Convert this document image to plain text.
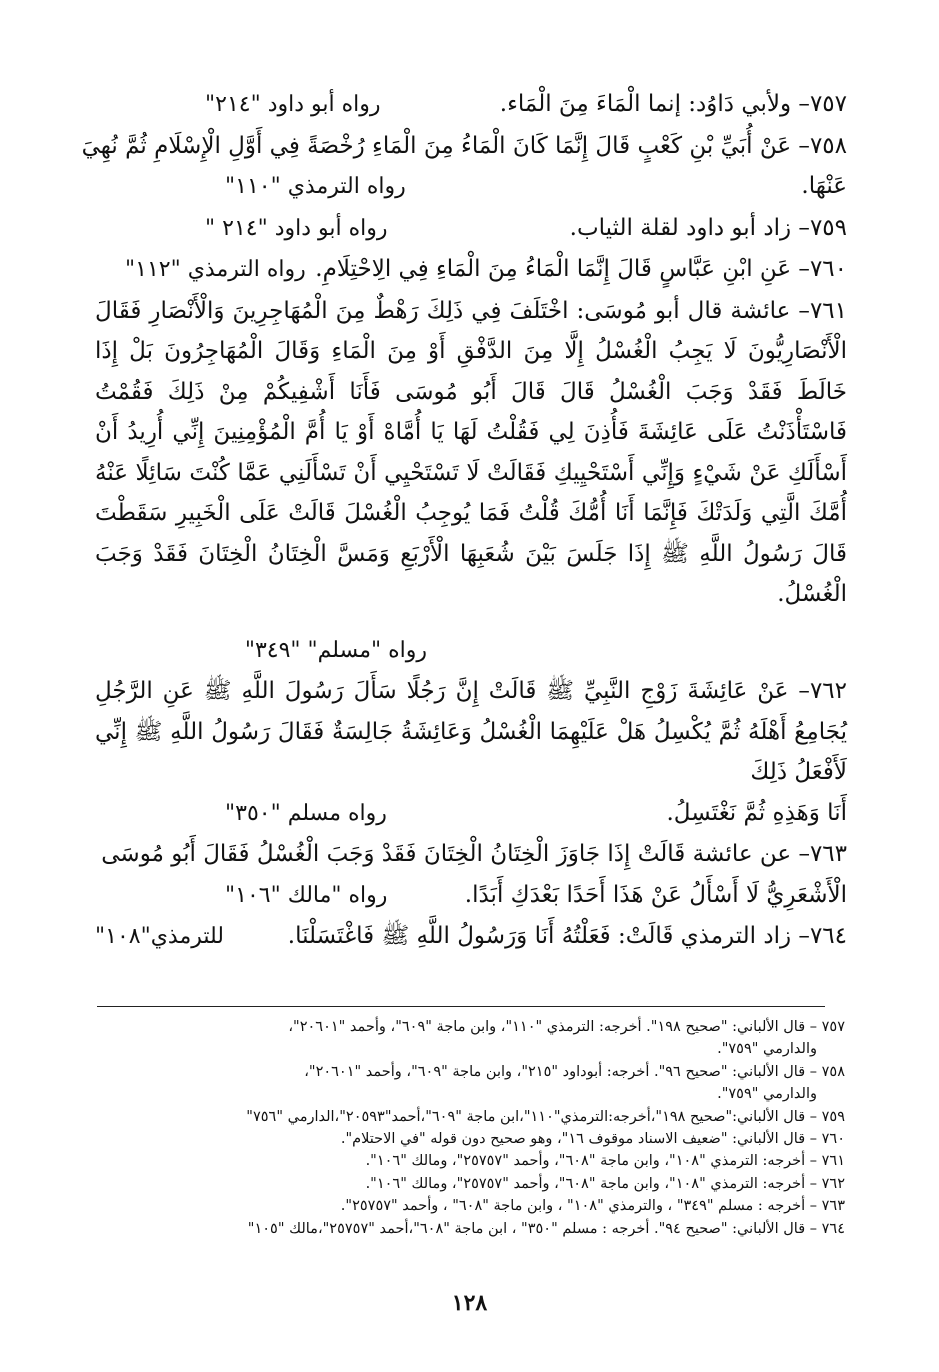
٧٥٧– ولأبي دَاوُد: إنما الْمَاءَ مِنَ الْمَاء.
رواه أبو داود "٢١٤"
٧٥٨– عَنْ أُبَيِّ بْنِ كَعْبٍ قَالَ إِنَّمَا كَانَ الْمَاءُ مِنَ الْمَاءِ رُخْصَةً فِي أَوَّلِ الْإِسْلَامِ ثُمَّ نُهِيَ
عَنْهَا.
رواه الترمذي "١١٠"
٧٥٩– زاد أبو داود لقلة الثياب.
رواه أبو داود "٢١٤ "
٧٦٠– عَنِ ابْنِ عَبَّاسٍ قَالَ إِنَّمَا الْمَاءُ مِنَ الْمَاءِ فِي الِاحْتِلَامِ.
رواه الترمذي "١١٢"

٧٦١– عائشة قال أبو مُوسَى: اخْتَلَفَ فِي ذَلِكَ رَهْطٌ مِنَ الْمُهَاجِرِينَ وَالْأَنْصَارِ فَقَالَ الْأَنْصَارِيُّونَ لَا يَجِبُ الْغُسْلُ إِلَّا مِنَ الدَّفْقِ أَوْ مِنَ الْمَاءِ وَقَالَ الْمُهَاجِرُونَ بَلْ إِذَا خَالَطَ فَقَدْ وَجَبَ الْغُسْلُ قَالَ قَالَ أَبُو مُوسَى فَأَنَا أَشْفِيكُمْ مِنْ ذَلِكَ فَقُمْتُ فَاسْتَأْذَنْتُ عَلَى عَائِشَةَ فَأُذِنَ لِي فَقُلْتُ لَهَا يَا أُمَّاهْ أَوْ يَا أُمَّ الْمُؤْمِنِينَ إِنِّي أُرِيدُ أَنْ أَسْأَلَكِ عَنْ شَيْءٍ وَإِنِّي أَسْتَحْيِيكِ فَقَالَتْ لَا تَسْتَحْيِي أَنْ تَسْأَلَنِي عَمَّا كُنْتَ سَائِلًا عَنْهُ أُمَّكَ الَّتِي وَلَدَتْكَ فَإِنَّمَا أَنَا أُمُّكَ قُلْتُ فَمَا يُوجِبُ الْغُسْلَ قَالَتْ عَلَى الْخَبِيرِ سَقَطْتَ قَالَ رَسُولُ اللَّهِ ﷺ إِذَا جَلَسَ بَيْنَ شُعَبِهَا الْأَرْبَعِ وَمَسَّ الْخِتَانُ الْخِتَانَ فَقَدْ وَجَبَ الْغُسْلُ.

رواه "مسلم" "٣٤٩"

٧٦٢– عَنْ عَائِشَةَ زَوْجِ النَّبِيِّ ﷺ قَالَتْ إِنَّ رَجُلًا سَأَلَ رَسُولَ اللَّهِ ﷺ عَنِ الرَّجُلِ يُجَامِعُ أَهْلَهُ ثُمَّ يُكْسِلُ هَلْ عَلَيْهِمَا الْغُسْلُ وَعَائِشَةُ جَالِسَةٌ فَقَالَ رَسُولُ اللَّهِ ﷺ إِنِّي لَأَفْعَلُ ذَلِكَ

أَنَا وَهَذِهِ ثُمَّ نَغْتَسِلُ.
رواه مسلم "٣٥٠"
٧٦٣– عن عائشة قَالَتْ إِذَا جَاوَزَ الْخِتَانُ الْخِتَانَ فَقَدْ وَجَبَ الْغُسْلُ فَقَالَ أَبُو مُوسَى
الْأَشْعَرِيُّ لَا أَسْأَلُ عَنْ هَذَا أَحَدًا بَعْدَكِ أَبَدًا.
رواه "مالك "١٠٦"
٧٦٤– زاد الترمذي قَالَتْ: فَعَلْتُهُ أَنَا وَرَسُولُ اللَّهِ ﷺ فَاغْتَسَلْنَا.
للترمذي"١٠٨"

٧٥٧ – قال الألباني: "صحيح ١٩٨". أخرجه: الترمذي "١١٠"، وابن ماجة "٦٠٩"، وأحمد "٢٠٦٠١"،
والدارمي "٧٥٩".

٧٥٨ – قال الألباني: "صحيح ٩٦". أخرجه: أبوداود "٢١٥"، وابن ماجة "٦٠٩"، وأحمد "٢٠٦٠١"،
والدارمي "٧٥٩".

٧٥٩ – قال الألباني:"صحيح ١٩٨"،أخرجه:الترمذي"١١٠"،ابن ماجة "٦٠٩"،أحمد"٢٠٥٩٣"،الدارمي "٧٥٦"

٧٦٠ – قال الألباني: "ضعيف الاسناد موقوف ١٦"، وهو صحيح دون قوله "في الاحتلام".

٧٦١ – أخرجه: الترمذي "١٠٨"، وابن ماجة "٦٠٨"، وأحمد "٢٥٧٥٧"، ومالك "١٠٦".

٧٦٢ – أخرجه: الترمذي "١٠٨"، وابن ماجة "٦٠٨"، وأحمد "٢٥٧٥٧"، ومالك "١٠٦".

٧٦٣ – أخرجه : مسلم "٣٤٩" ، والترمذي "١٠٨" ، وابن ماجة "٦٠٨" ، وأحمد "٢٥٧٥٧".

٧٦٤ – قال الألباني: "صحيح ٩٤". أخرجه : مسلم "٣٥٠" ، ابن ماجة "٦٠٨"،أحمد "٢٥٧٥٧"،مالك "١٠٥"

١٢٨
